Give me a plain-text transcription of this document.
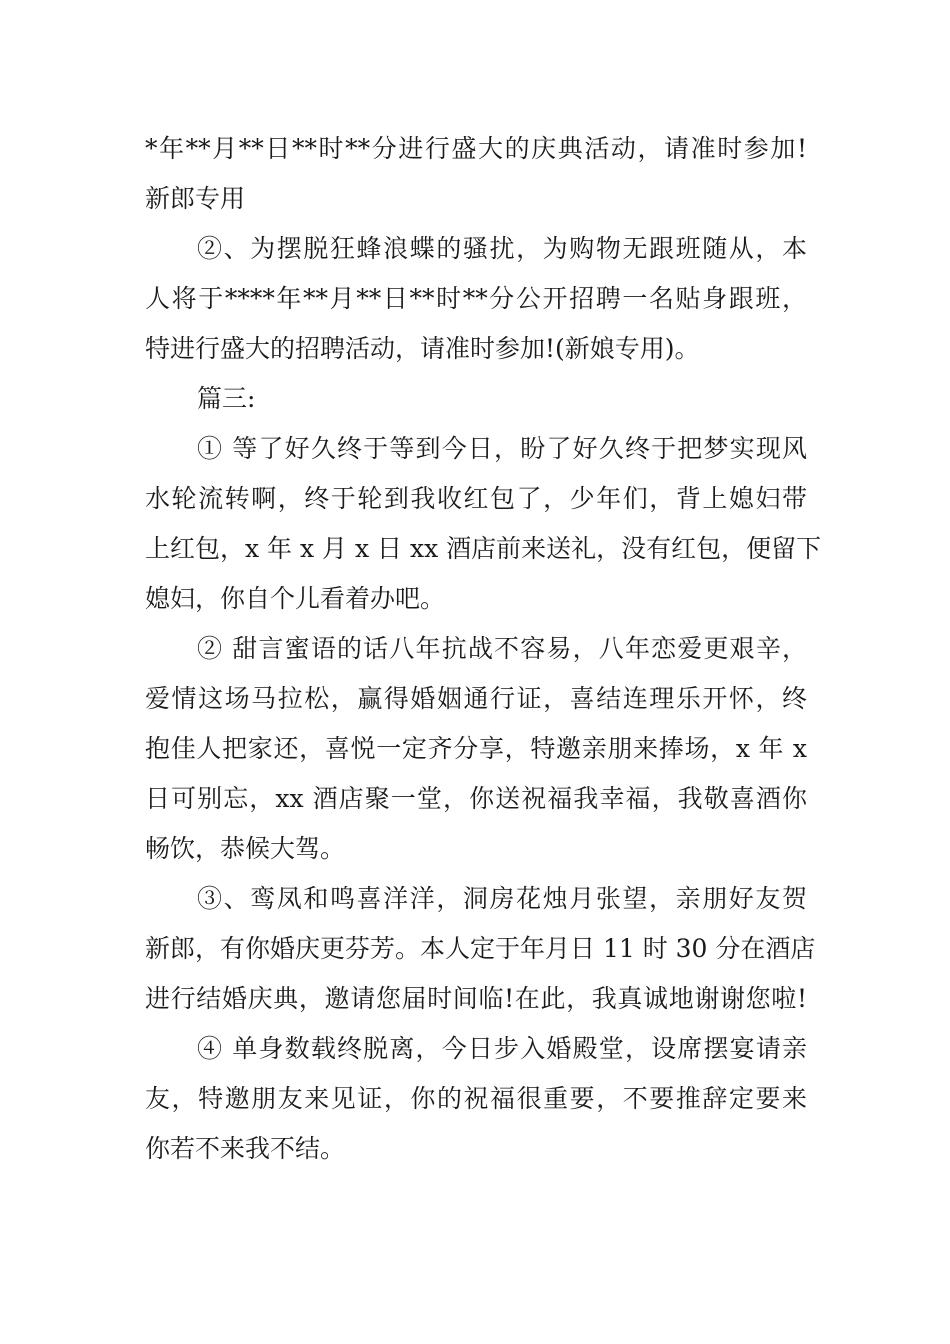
*年**月**日**时**分进行盛大的庆典活动，请准时参加!
新郎专用
②、为摆脱狂蜂浪蝶的骚扰，为购物无跟班随从，本
人将于****年**月**日**时**分公开招聘一名贴身跟班，
特进行盛大的招聘活动，请准时参加!(新娘专用)。
篇三:
① 等了好久终于等到今日，盼了好久终于把梦实现风
水轮流转啊，终于轮到我收红包了，少年们，背上媳妇带
上红包，x 年 x 月 x 日 xx 酒店前来送礼，没有红包，便留下
媳妇，你自个儿看着办吧。
② 甜言蜜语的话八年抗战不容易，八年恋爱更艰辛，
爱情这场马拉松，赢得婚姻通行证，喜结连理乐开怀，终
抱佳人把家还，喜悦一定齐分享，特邀亲朋来捧场，x 年 x
日可别忘，xx 酒店聚一堂，你送祝福我幸福，我敬喜酒你
畅饮，恭候大驾。
③、鸾凤和鸣喜洋洋，洞房花烛月张望，亲朋好友贺
新郎，有你婚庆更芬芳。本人定于年月日 11 时 30 分在酒店
进行结婚庆典，邀请您届时间临!在此，我真诚地谢谢您啦!
④ 单身数载终脱离，今日步入婚殿堂，设席摆宴请亲
友，特邀朋友来见证，你的祝福很重要，不要推辞定要来
你若不来我不结。
